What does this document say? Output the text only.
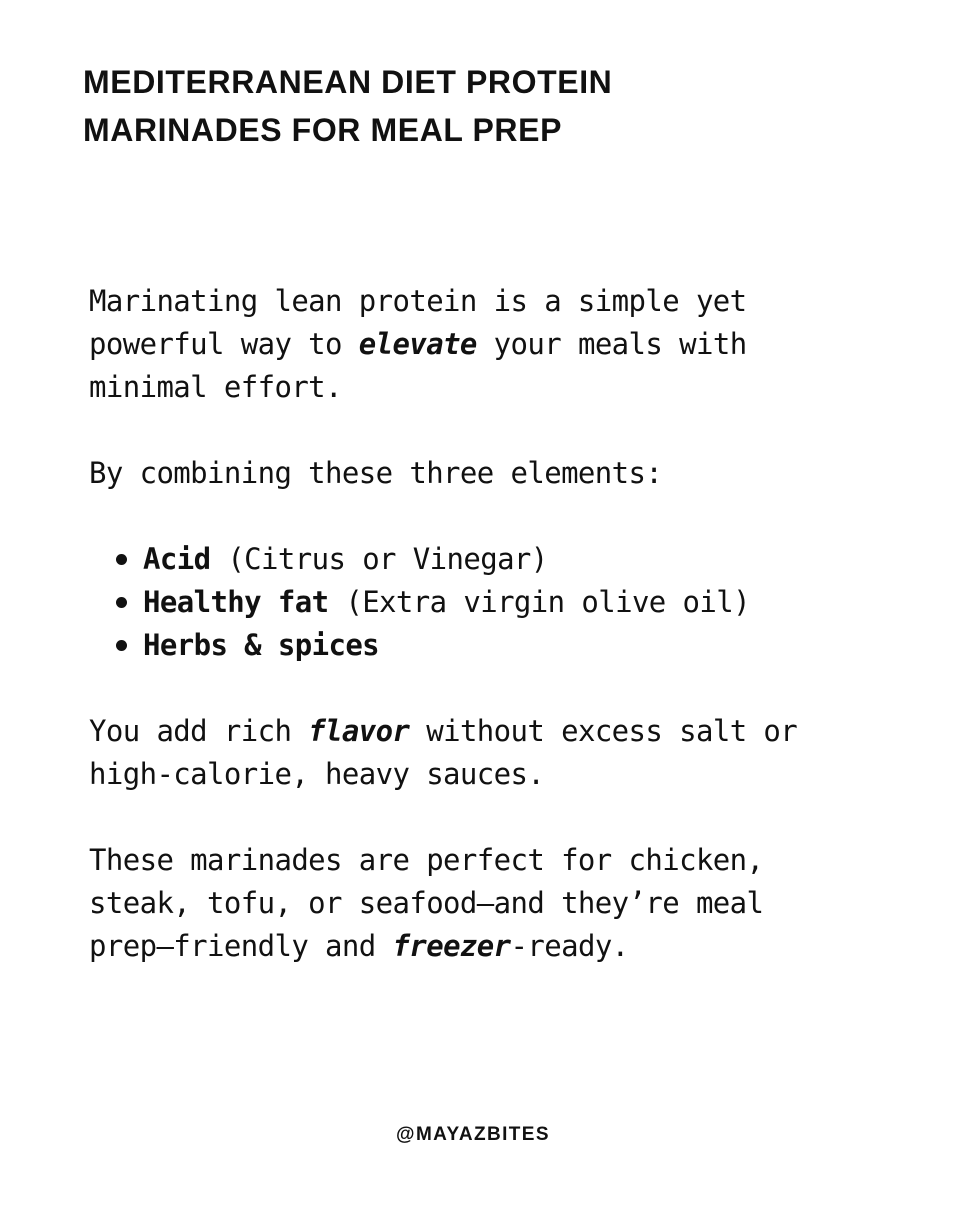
MEDITERRANEAN DIET PROTEIN
MARINADES FOR MEAL PREP

Marinating lean protein is a simple yet
powerful way to elevate your meals with
minimal effort.

By combining these three elements:

Acid (Citrus or Vinegar)
Healthy fat (Extra virgin olive oil)
Herbs & spices

You add rich flavor without excess salt or
high-calorie, heavy sauces.

These marinades are perfect for chicken,
steak, tofu, or seafood—and they’re meal
prep—friendly and freezer-ready.

@MAYAZBITES
